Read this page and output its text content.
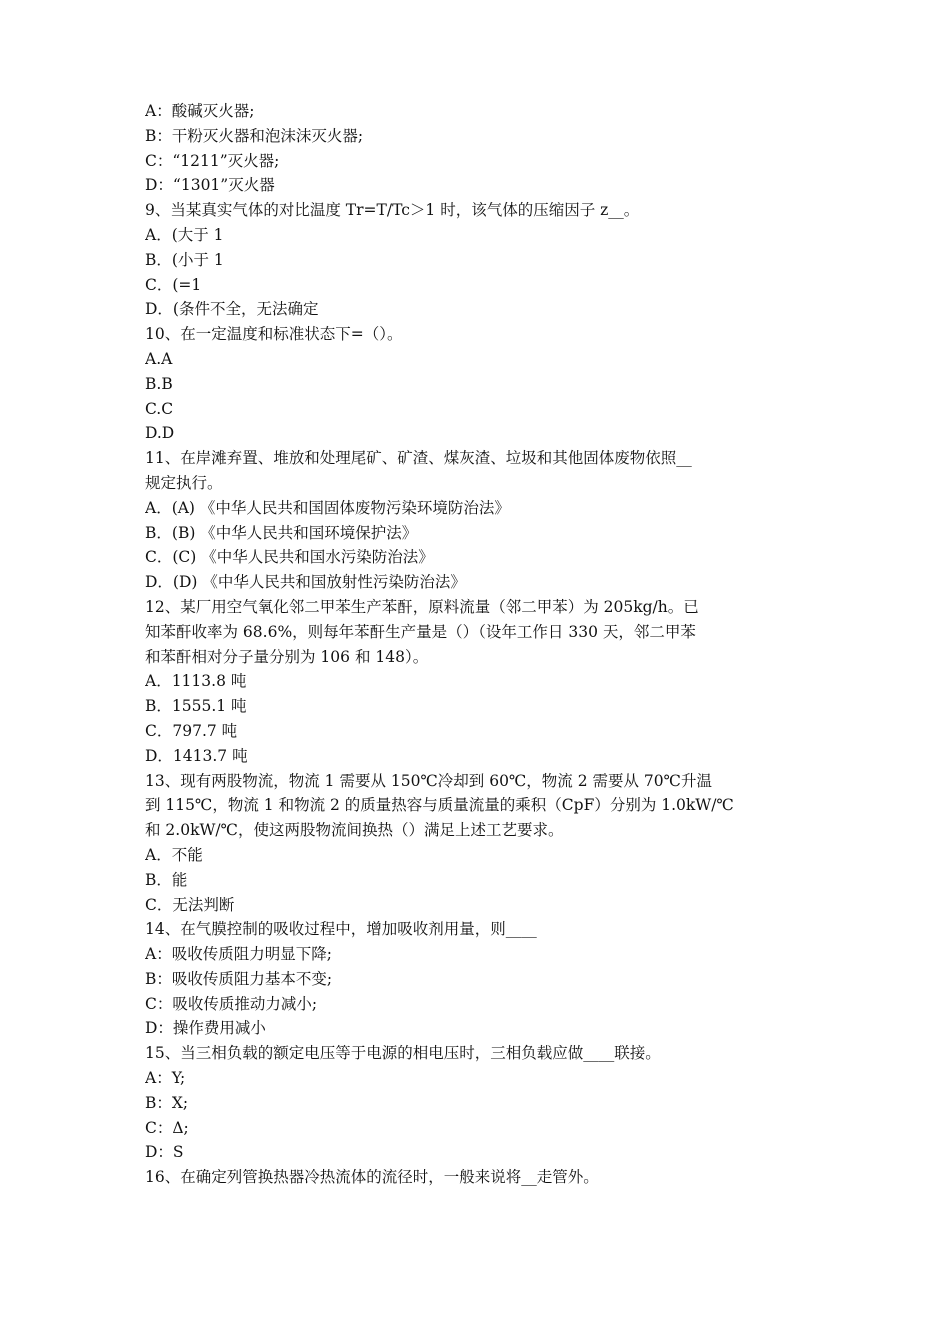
A：酸碱灭火器;
B：干粉灭火器和泡沫沫灭火器;
C：“1211”灭火器;
D：“1301”灭火器
9、当某真实气体的对比温度 Tr=T/Tc＞1 时，该气体的压缩因子 z__。
A．(大于 1
B．(小于 1
C．(=1
D．(条件不全，无法确定
10、在一定温度和标准状态下=（）。
A.A
B.B
C.C
D.D
11、在岸滩弃置、堆放和处理尾矿、矿渣、煤灰渣、垃圾和其他固体废物依照__
规定执行。
A．(A) 《中华人民共和国固体废物污染环境防治法》
B．(B) 《中华人民共和国环境保护法》
C．(C) 《中华人民共和国水污染防治法》
D．(D) 《中华人民共和国放射性污染防治法》
12、某厂用空气氧化邻二甲苯生产苯酐，原料流量（邻二甲苯）为 205kg/h。已
知苯酐收率为 68.6%，则每年苯酐生产量是（）（设年工作日 330 天，邻二甲苯
和苯酐相对分子量分别为 106 和 148）。
A．1113.8 吨
B．1555.1 吨
C．797.7 吨
D．1413.7 吨
13、现有两股物流，物流 1 需要从 150℃冷却到 60℃，物流 2 需要从 70℃升温
到 115℃，物流 1 和物流 2 的质量热容与质量流量的乘积（CpF）分别为 1.0kW/℃
和 2.0kW/℃，使这两股物流间换热（）满足上述工艺要求。
A．不能
B．能
C．无法判断
14、在气膜控制的吸收过程中，增加吸收剂用量，则____
A：吸收传质阻力明显下降;
B：吸收传质阻力基本不变;
C：吸收传质推动力减小;
D：操作费用减小
15、当三相负载的额定电压等于电源的相电压时，三相负载应做____联接。
A：Y;
B：X;
C：Δ;
D：S
16、在确定列管换热器冷热流体的流径时，一般来说将__走管外。
